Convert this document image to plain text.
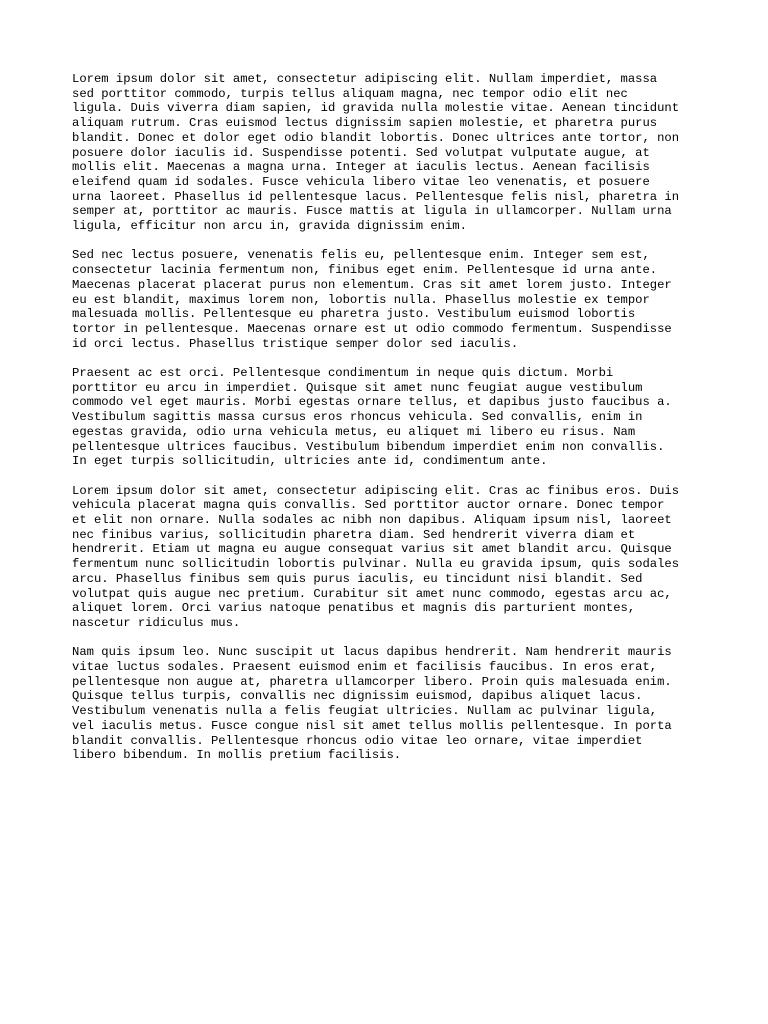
Lorem ipsum dolor sit amet, consectetur adipiscing elit. Nullam imperdiet, massa
sed porttitor commodo, turpis tellus aliquam magna, nec tempor odio elit nec
ligula. Duis viverra diam sapien, id gravida nulla molestie vitae. Aenean tincidunt
aliquam rutrum. Cras euismod lectus dignissim sapien molestie, et pharetra purus
blandit. Donec et dolor eget odio blandit lobortis. Donec ultrices ante tortor, non
posuere dolor iaculis id. Suspendisse potenti. Sed volutpat vulputate augue, at
mollis elit. Maecenas a magna urna. Integer at iaculis lectus. Aenean facilisis
eleifend quam id sodales. Fusce vehicula libero vitae leo venenatis, et posuere
urna laoreet. Phasellus id pellentesque lacus. Pellentesque felis nisl, pharetra in
semper at, porttitor ac mauris. Fusce mattis at ligula in ullamcorper. Nullam urna
ligula, efficitur non arcu in, gravida dignissim enim.

Sed nec lectus posuere, venenatis felis eu, pellentesque enim. Integer sem est,
consectetur lacinia fermentum non, finibus eget enim. Pellentesque id urna ante.
Maecenas placerat placerat purus non elementum. Cras sit amet lorem justo. Integer
eu est blandit, maximus lorem non, lobortis nulla. Phasellus molestie ex tempor
malesuada mollis. Pellentesque eu pharetra justo. Vestibulum euismod lobortis
tortor in pellentesque. Maecenas ornare est ut odio commodo fermentum. Suspendisse
id orci lectus. Phasellus tristique semper dolor sed iaculis.

Praesent ac est orci. Pellentesque condimentum in neque quis dictum. Morbi
porttitor eu arcu in imperdiet. Quisque sit amet nunc feugiat augue vestibulum
commodo vel eget mauris. Morbi egestas ornare tellus, et dapibus justo faucibus a.
Vestibulum sagittis massa cursus eros rhoncus vehicula. Sed convallis, enim in
egestas gravida, odio urna vehicula metus, eu aliquet mi libero eu risus. Nam
pellentesque ultrices faucibus. Vestibulum bibendum imperdiet enim non convallis.
In eget turpis sollicitudin, ultricies ante id, condimentum ante.

Lorem ipsum dolor sit amet, consectetur adipiscing elit. Cras ac finibus eros. Duis
vehicula placerat magna quis convallis. Sed porttitor auctor ornare. Donec tempor
et elit non ornare. Nulla sodales ac nibh non dapibus. Aliquam ipsum nisl, laoreet
nec finibus varius, sollicitudin pharetra diam. Sed hendrerit viverra diam et
hendrerit. Etiam ut magna eu augue consequat varius sit amet blandit arcu. Quisque
fermentum nunc sollicitudin lobortis pulvinar. Nulla eu gravida ipsum, quis sodales
arcu. Phasellus finibus sem quis purus iaculis, eu tincidunt nisi blandit. Sed
volutpat quis augue nec pretium. Curabitur sit amet nunc commodo, egestas arcu ac,
aliquet lorem. Orci varius natoque penatibus et magnis dis parturient montes,
nascetur ridiculus mus.

Nam quis ipsum leo. Nunc suscipit ut lacus dapibus hendrerit. Nam hendrerit mauris
vitae luctus sodales. Praesent euismod enim et facilisis faucibus. In eros erat,
pellentesque non augue at, pharetra ullamcorper libero. Proin quis malesuada enim.
Quisque tellus turpis, convallis nec dignissim euismod, dapibus aliquet lacus.
Vestibulum venenatis nulla a felis feugiat ultricies. Nullam ac pulvinar ligula,
vel iaculis metus. Fusce congue nisl sit amet tellus mollis pellentesque. In porta
blandit convallis. Pellentesque rhoncus odio vitae leo ornare, vitae imperdiet
libero bibendum. In mollis pretium facilisis.
